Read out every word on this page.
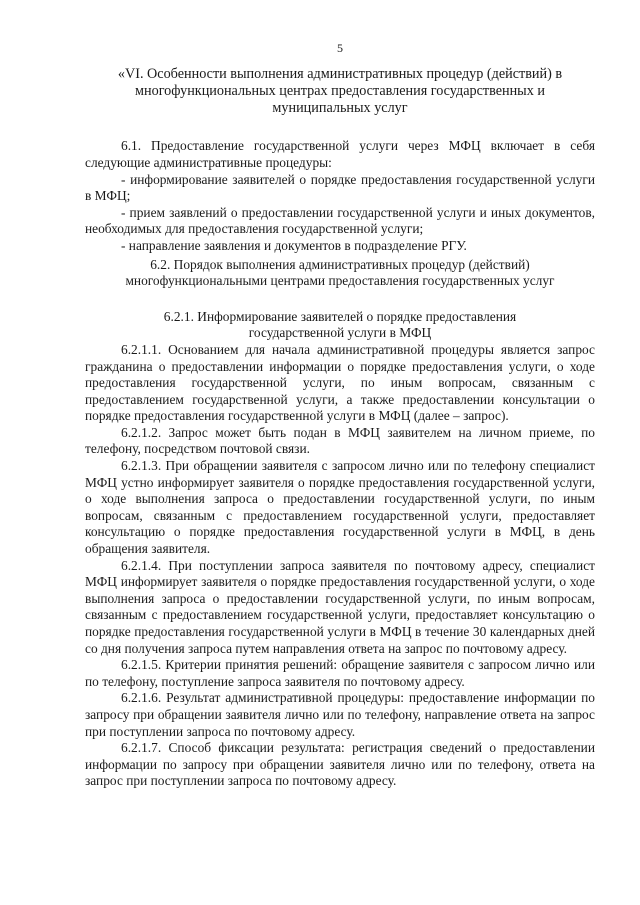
5
«VI. Особенности выполнения административных процедур (действий) в многофункциональных центрах предоставления государственных и муниципальных услуг

6.1. Предоставление государственной услуги через МФЦ включает в себя следующие административные процедуры:

- информирование заявителей о порядке предоставления государственной услуги в МФЦ;

- прием заявлений о предоставлении государственной услуги и иных документов, необходимых для предоставления государственной услуги;

- направление заявления и документов в подразделение РГУ.

6.2. Порядок выполнения административных процедур (действий) многофункциональными центрами предоставления государственных услуг
6.2.1. Информирование заявителей о порядке предоставления государственной услуги в МФЦ

6.2.1.1. Основанием для начала административной процедуры является запрос гражданина о предоставлении информации о порядке предоставления услуги, о ходе предоставления государственной услуги, по иным вопросам, связанным с предоставлением государственной услуги, а также предоставлении консультации о порядке предоставления государственной услуги в МФЦ (далее – запрос).

6.2.1.2. Запрос может быть подан в МФЦ заявителем на личном приеме, по телефону, посредством почтовой связи.

6.2.1.3. При обращении заявителя с запросом лично или по телефону специалист МФЦ устно информирует заявителя о порядке предоставления государственной услуги, о ходе выполнения запроса о предоставлении государственной услуги, по иным вопросам, связанным с предоставлением государственной услуги, предоставляет консультацию о порядке предоставления государственной услуги в МФЦ, в день обращения заявителя.

6.2.1.4. При поступлении запроса заявителя по почтовому адресу, специалист МФЦ информирует заявителя о порядке предоставления государственной услуги, о ходе выполнения запроса о предоставлении государственной услуги, по иным вопросам, связанным с предоставлением государственной услуги, предоставляет консультацию о порядке предоставления государственной услуги в МФЦ в течение 30 календарных дней со дня получения запроса путем направления ответа на запрос по почтовому адресу.

6.2.1.5. Критерии принятия решений: обращение заявителя с запросом лично или по телефону, поступление запроса заявителя по почтовому адресу.

6.2.1.6. Результат административной процедуры: предоставление информации по запросу при обращении заявителя лично или по телефону, направление ответа на запрос при поступлении запроса по почтовому адресу.

6.2.1.7. Способ фиксации результата: регистрация сведений о предоставлении информации по запросу при обращении заявителя лично или по телефону, ответа на запрос при поступлении запроса по почтовому адресу.
